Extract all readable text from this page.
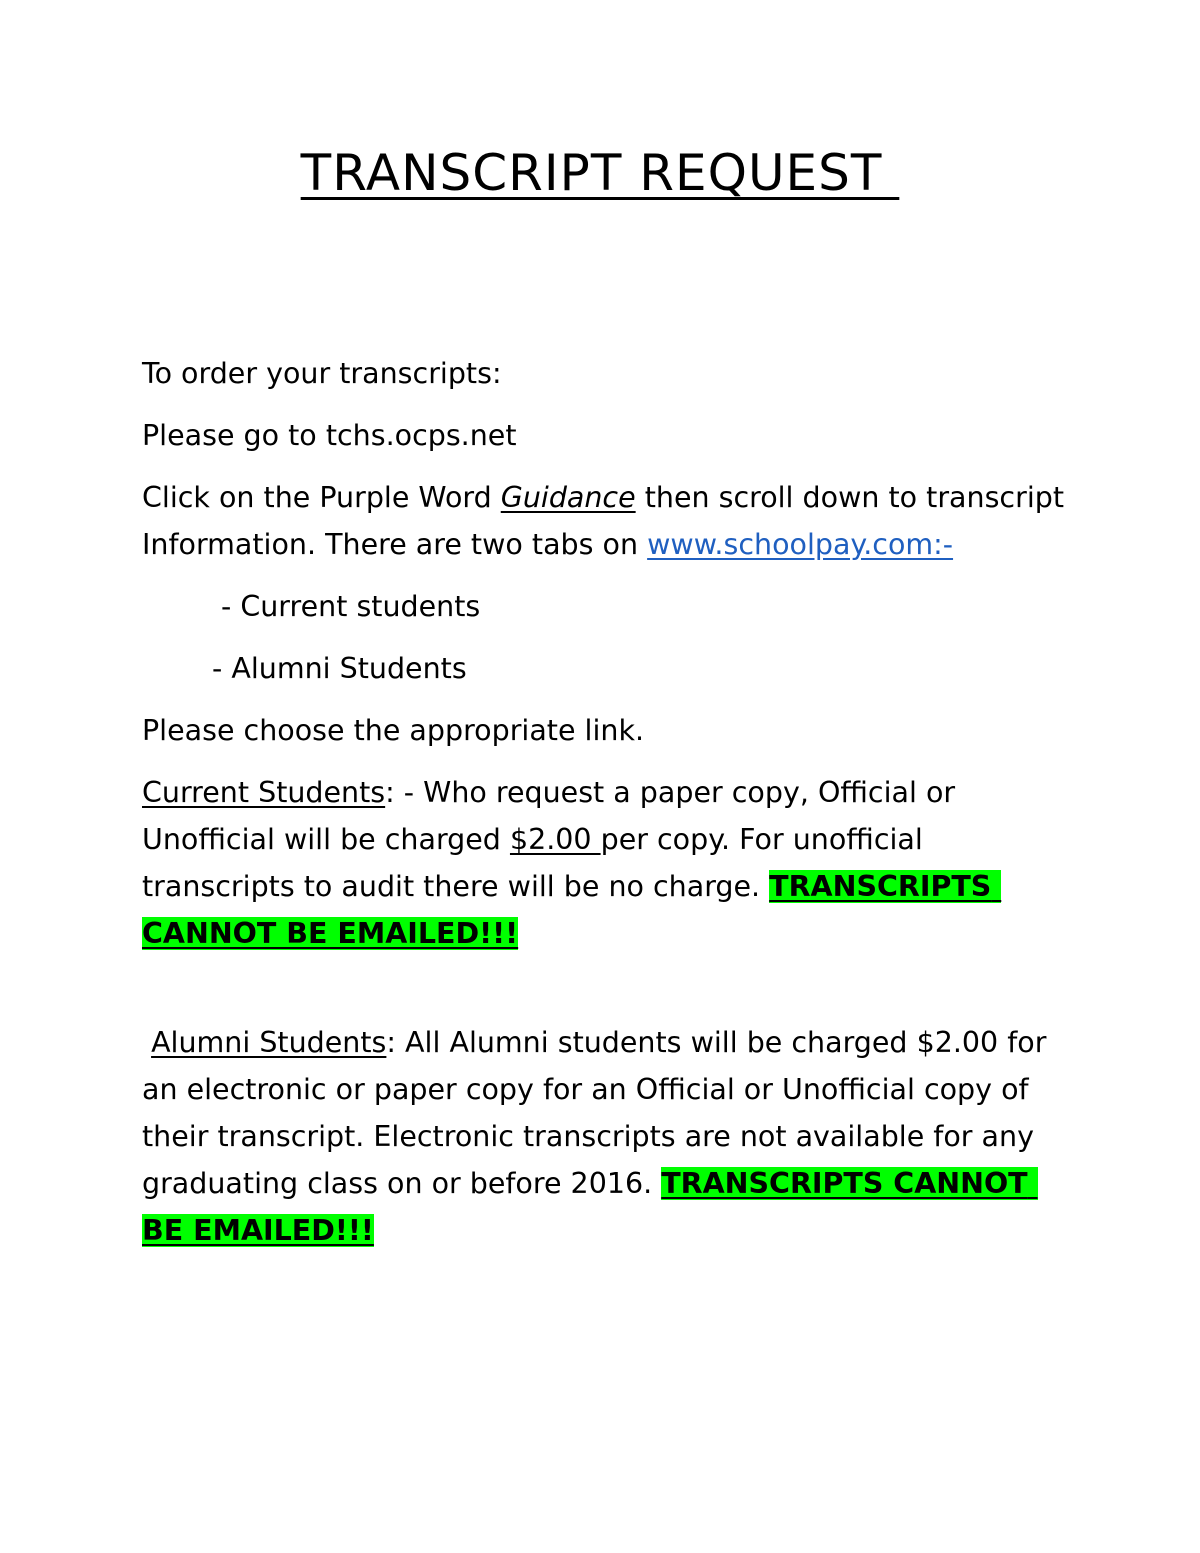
TRANSCRIPT REQUEST

To order your transcripts:

Please go to tchs.ocps.net

Click on the Purple Word Guidance then scroll down to transcript Information. There are two tabs on www.schoolpay.com:-

- Current students

- Alumni Students

Please choose the appropriate link.

Current Students: - Who request a paper copy, Official or Unofficial will be charged $2.00 per copy. For unofficial transcripts to audit there will be no charge. TRANSCRIPTS CANNOT BE EMAILED!!!

Alumni Students: All Alumni students will be charged $2.00 for an electronic or paper copy for an Official or Unofficial copy of their transcript. Electronic transcripts are not available for any graduating class on or before 2016. TRANSCRIPTS CANNOT BE EMAILED!!!
